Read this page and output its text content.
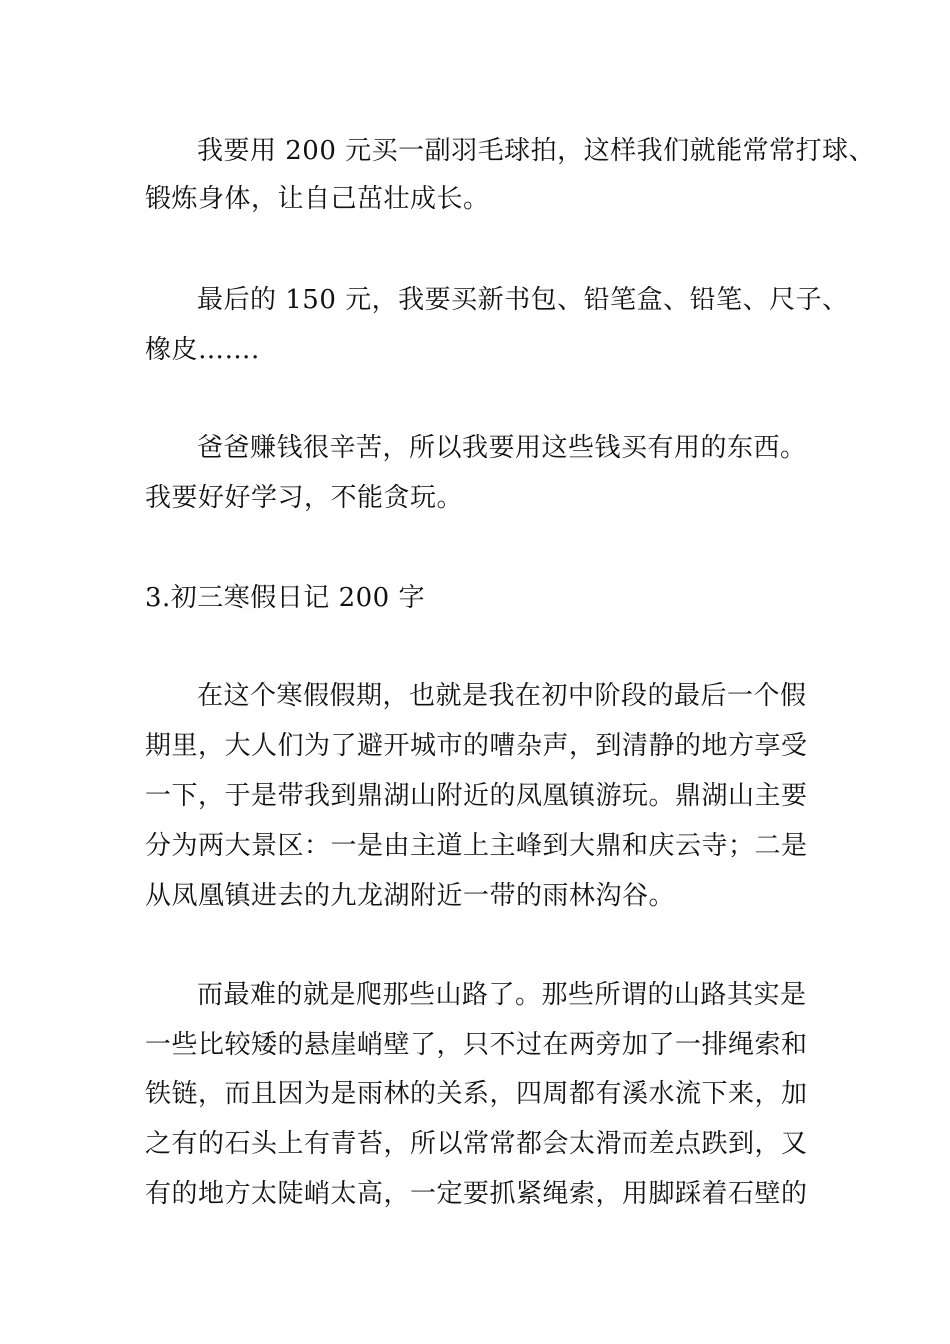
我要用 200 元买一副羽毛球拍，这样我们就能常常打球、
锻炼身体，让自己茁壮成长。
最后的 150 元，我要买新书包、铅笔盒、铅笔、尺子、
橡皮…….
爸爸赚钱很辛苦，所以我要用这些钱买有用的东西。
我要好好学习，不能贪玩。
3.初三寒假日记 200 字
在这个寒假假期，也就是我在初中阶段的最后一个假
期里，大人们为了避开城市的嘈杂声，到清静的地方享受
一下，于是带我到鼎湖山附近的凤凰镇游玩。鼎湖山主要
分为两大景区：一是由主道上主峰到大鼎和庆云寺；二是
从凤凰镇进去的九龙湖附近一带的雨林沟谷。
而最难的就是爬那些山路了。那些所谓的山路其实是
一些比较矮的悬崖峭壁了，只不过在两旁加了一排绳索和
铁链，而且因为是雨林的关系，四周都有溪水流下来，加
之有的石头上有青苔，所以常常都会太滑而差点跌到，又
有的地方太陡峭太高，一定要抓紧绳索，用脚踩着石壁的
